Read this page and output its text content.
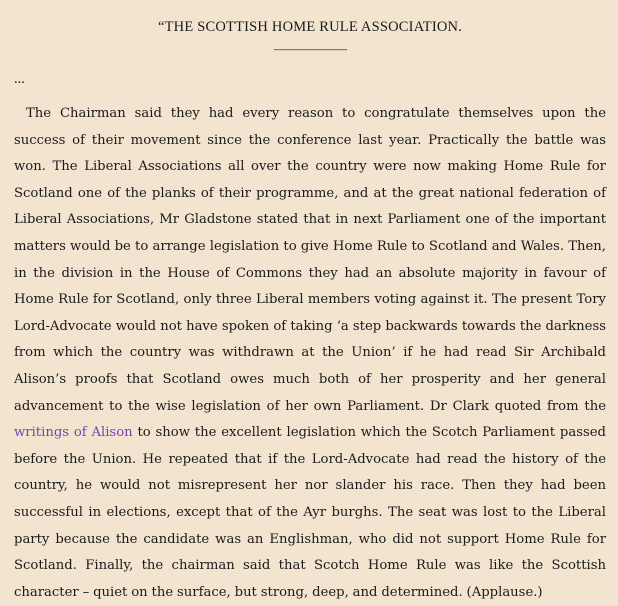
“THE SCOTTISH HOME RULE ASSOCIATION.
——————
...

The Chairman said they had every reason to congratulate themselves upon the success of their movement since the conference last year. Practically the battle was won. The Liberal Associations all over the country were now making Home Rule for Scotland one of the planks of their programme, and at the great national federation of Liberal Associations, Mr Gladstone stated that in next Parliament one of the important matters would be to arrange legislation to give Home Rule to Scotland and Wales. Then, in the division in the House of Commons they had an absolute majority in favour of Home Rule for Scotland, only three Liberal members voting against it. The present Tory Lord-Advocate would not have spoken of taking ‘a step backwards towards the darkness from which the country was withdrawn at the Union’ if he had read Sir Archibald Alison’s proofs that Scotland owes much both of her prosperity and her general advancement to the wise legislation of her own Parliament. Dr Clark quoted from the writings of Alison to show the excellent legislation which the Scotch Parliament passed before the Union. He repeated that if the Lord-Advocate had read the history of the country, he would not misrepresent her nor slander his race. Then they had been successful in elections, except that of the Ayr burghs. The seat was lost to the Liberal party because the candidate was an Englishman, who did not support Home Rule for Scotland. Finally, the chairman said that Scotch Home Rule was like the Scottish character – quiet on the surface, but strong, deep, and determined. (Applause.)
